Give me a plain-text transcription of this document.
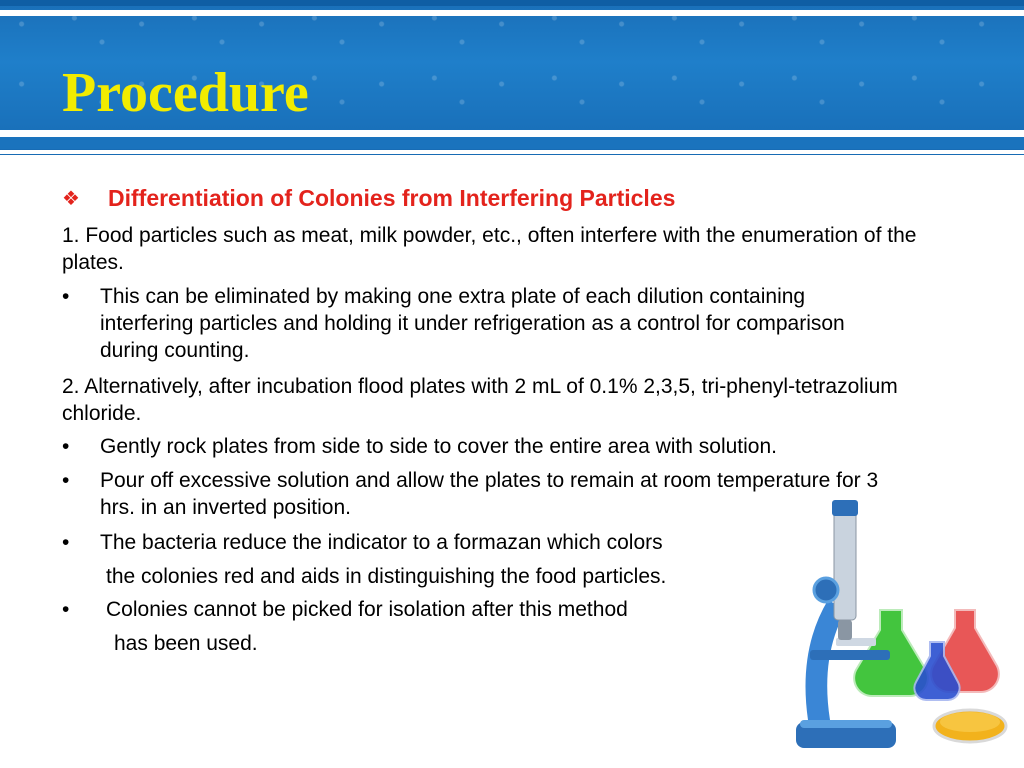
Procedure
❖	Differentiation of Colonies from Interfering Particles

1. Food particles such as meat, milk powder, etc., often interfere with the enumeration of the plates.

•	This can be eliminated by making one extra plate of each dilution containing interfering particles and holding it under refrigeration as a control for comparison during counting.

2. Alternatively, after incubation flood plates with 2 mL of 0.1% 2,3,5, tri-phenyl-tetrazolium chloride.

•	Gently rock plates from side to side to cover the entire area with solution.
•	Pour off excessive solution and allow the plates to remain at room temperature for 3 hrs. in an inverted position.
•	The bacteria reduce the indicator to a formazan which colors

the colonies red and aids in distinguishing the food particles.

•	Colonies cannot be picked for isolation after this method

has been used.
